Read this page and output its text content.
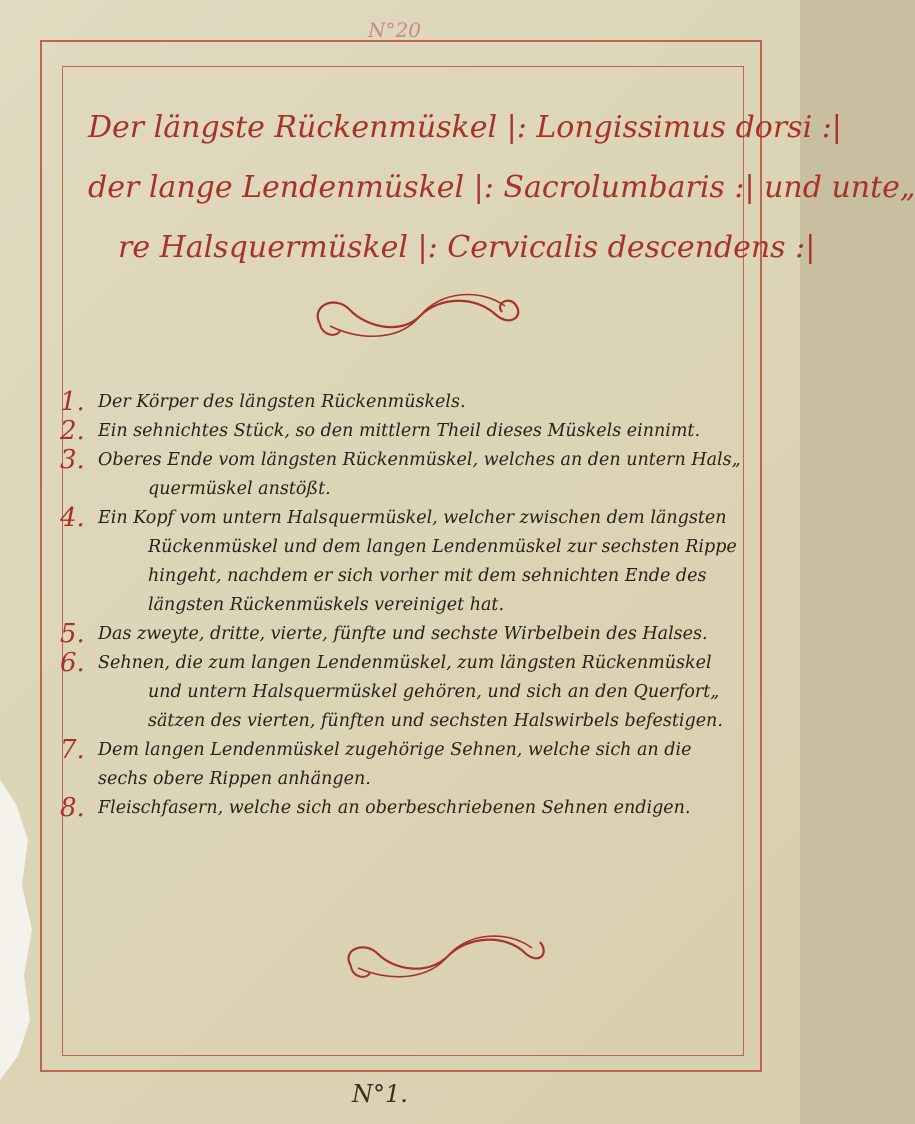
N°20
Der längste Rückenmüskel |: Longissimus dorsi :|
der lange Lendenmüskel |: Sacrolumbaris :| und unte„
re Halsquermüskel |: Cervicalis descendens :|
1. Der Körper des längsten Rückenmüskels.
2. Ein sehnichtes Stück, so den mittlern Theil dieses Müskels einnimt.
3. Oberes Ende vom längsten Rückenmüskel, welches an den untern Hals„
quermüskel anstößt.
4. Ein Kopf vom untern Halsquermüskel, welcher zwischen dem längsten
Rückenmüskel und dem langen Lendenmüskel zur sechsten Rippe
hingeht, nachdem er sich vorher mit dem sehnichten Ende des
längsten Rückenmüskels vereiniget hat.
5. Das zweyte, dritte, vierte, fünfte und sechste Wirbelbein des Halses.
6. Sehnen, die zum langen Lendenmüskel, zum längsten Rückenmüskel
und untern Halsquermüskel gehören, und sich an den Querfort„
sätzen des vierten, fünften und sechsten Halswirbels befestigen.
7. Dem langen Lendenmüskel zugehörige Sehnen, welche sich an die
sechs obere Rippen anhängen.
8. Fleischfasern, welche sich an oberbeschriebenen Sehnen endigen.
N°1.
